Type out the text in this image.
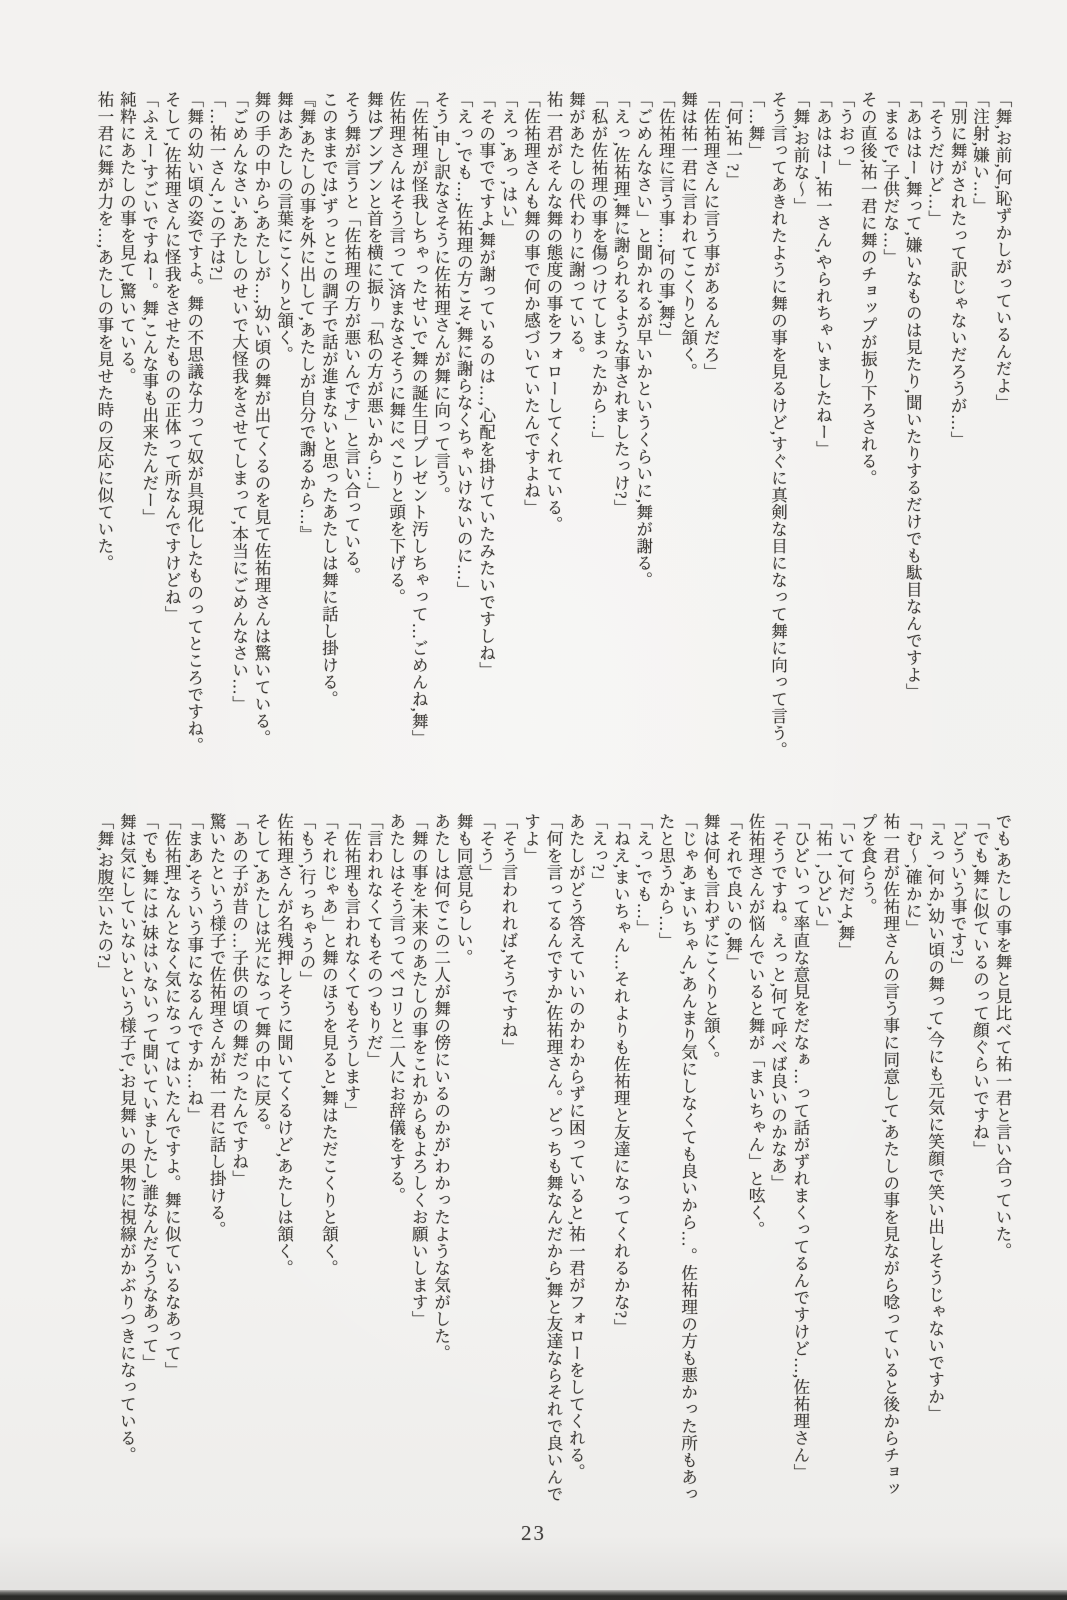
「舞,お前,何,恥ずかしがっているんだよ」

「注射,嫌い…」

「別に舞がされたって訳じゃないだろうが…」

「そうだけど…」

「あははー,舞って,嫌いなものは見たり,聞いたりするだけでも駄目なんですよ」

「まるで,子供だな…」

その直後,祐一君に舞のチョップが振り下ろされる。

「うおっ」

「あははー,祐一さん,やられちゃいましたねー」

「舞,お前な〜」

そう言ってあきれたように舞の事を見るけど,すぐに真剣な目になって舞に向って言う。

「…舞」

「何,祐一?」

「佐祐理さんに言う事があるんだろ」

舞は祐一君に言われてこくりと頷く。

「佐祐理に言う事…,何の事,舞?」

「ごめんなさい」と聞かれるが早いかというくらいに,舞が謝る。

「えっ,佐祐理,舞に謝られるような事されましたっけ?」

「私が佐祐理の事を傷つけてしまったから…」

舞があたしの代わりに謝っている。

祐一君がそんな舞の態度の事をフォローしてくれている。

「佐祐理さんも舞の事で何か感づいていたんですよね」

「えっ,あっ,はい」

「その事でですよ,舞が謝っているのは…,心配を掛けていたみたいですしね」

「えっ,でも…,佐祐理の方こそ,舞に謝らなくちゃいけないのに…」

そう,申し訳なさそうに佐祐理さんが舞に向って言う。

「佐祐理が怪我しちゃったせいで,舞の誕生日プレゼント汚しちゃって…ごめんね,舞」

佐祐理さんはそう言って,済まなさそうに舞にぺこりと頭を下げる。

舞はブンブンと首を横に振り「私の方が悪いから…」

そう舞が言うと「佐祐理の方が悪いんです」と言い合っている。

このままでは,ずっとこの調子で話が進まないと思ったあたしは舞に話し掛ける。

『舞,あたしの事を外に出して,あたしが自分で謝るから…』

舞はあたしの言葉にこくりと頷く。

舞の手の中から,あたしが…,幼い頃の舞が出てくるのを見て佐祐理さんは驚いている。

「ごめんなさい,あたしのせいで大怪我をさせてしまって,本当にごめんなさい…」

「…祐一さん,この子は?」

「舞の幼い頃の姿ですよ。舞の不思議な力って奴が具現化したものってところですね。

そして,佐祐理さんに怪我をさせたものの正体って所なんですけどね」

「ふえー,すごいですねー。舞,こんな事も出来たんだー」

純粋にあたしの事を見て,驚いている。

祐一君に舞が力を…,あたしの事を見せた時の反応に似ていた。

でも,あたしの事を舞と見比べて祐一君と言い合っていた。

「でも,舞に似ているのって顔ぐらいですね」

「どういう事です?」

「えっ,何か,幼い頃の舞って,今にも元気に笑顔で笑い出しそうじゃないですか」

「む〜,確かに」

祐一君が佐祐理さんの言う事に同意して,あたしの事を見ながら唸っていると後からチョップを食らう。

「いて,何だよ,舞」

「祐一,ひどい」

「ひどいって率直な意見をだなぁ…って話がずれまくってるんですけど…,佐祐理さん」

「そうですね。えっと,何て呼べば良いのかなあ」

佐祐理さんが悩んでいると舞が「まいちゃん」と呟く。

「それで良いの,舞」

舞は何も言わずにこくりと頷く。

「じゃあ,まいちゃん,あんまり気にしなくても良いから…。佐祐理の方も悪かった所もあったと思うから…」

「えっ,でも…」

「ねえ,まいちゃん…それよりも佐祐理と友達になってくれるかな?」

「えっ?」

あたしがどう答えていいのかわからずに困っていると,祐一君がフォローをしてくれる。

「何を言ってるんですか,佐祐理さん。どっちも舞なんだから,舞と友達ならそれで良いんですよ」

「そう言われれば,そうですね」

「そう」

舞も同意見らしい。

あたしは何でこの二人が舞の傍にいるのかが,わかったような気がした。

「舞の事を,未来のあたしの事をこれからもよろしくお願いします」

あたしはそう言ってペコリと二人にお辞儀をする。

「言われなくてもそのつもりだ」

「佐祐理も言われなくてもそうします」

「それじゃあ」と舞のほうを見ると,舞はただこくりと頷く。

「もう,行っちゃうの」

佐祐理さんが名残押しそうに聞いてくるけど,あたしは頷く。

そして,あたしは光になって舞の中に戻る。

「あの子が昔の…子供の頃の舞だったんですね」

驚いたという様子で佐祐理さんが祐一君に話し掛ける。

「まあ,そういう事になるんですか…ね」

「佐祐理,なんとなく気になってはいたんですよ。舞に似ているなあって」

「でも,舞には,妹はいないって聞いていましたし,誰なんだろうなあって」

舞は気にしていないという様子で,お見舞いの果物に視線がかぶりつきになっている。

「舞,お腹空いたの?」

23
